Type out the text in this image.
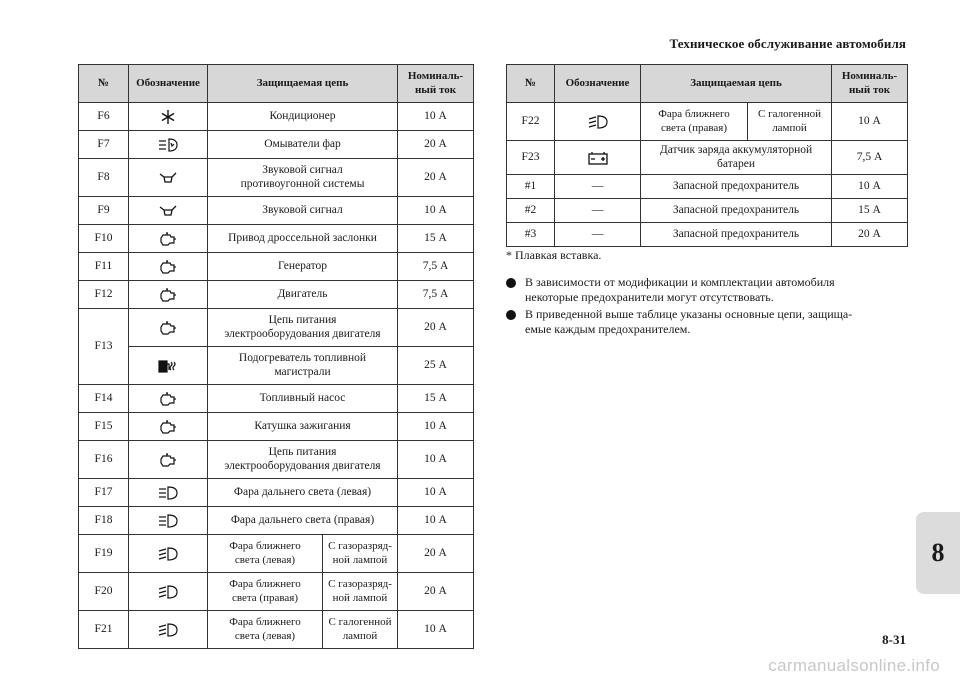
Техническое обслуживание автомобиля
№	Обозначение	Защищаемая цепь		Номиналь-
ный ток
F6		Кондиционер		10 А
F7		Омыватели фар		20 А
F8		Звуковой сигнал
противоугонной системы		20 А
F9		Звуковой сигнал		10 А
F10		Привод дроссельной заслонки		15 А
F11		Генератор		7,5 А
F12		Двигатель		7,5 А
F13		Цепь питания
электрооборудования двигателя		20 А

	Подогреватель топливной
магистрали		25 А
F14		Топливный насос		15 А
F15		Катушка зажигания		10 А
F16		Цепь питания
электрооборудования двигателя		10 А
F17		Фара дальнего света (левая)		10 А
F18		Фара дальнего света (правая)		10 А
F19		Фара ближнего
света (левая)	С газоразряд-
ной лампой	20 А
F20		Фара ближнего
света (правая)	С газоразряд-
ной лампой	20 А
F21		Фара ближнего
света (левая)	С галогенной
лампой	10 А
№	Обозначение	Защищаемая цепь		Номиналь-
ный ток
F22		Фара ближнего
света (правая)	С галогенной
лампой	10 А
F23		Датчик заряда аккумуляторной
батареи		7,5 А
#1	—	Запасной предохранитель		10 А
#2	—	Запасной предохранитель		15 А
#3	—	Запасной предохранитель		20 А
* Плавкая вставка.
В зависимости от модификации и комплектации автомобиля
некоторые предохранители могут отсутствовать.
В приведенной выше таблице указаны основные цепи, защища-
емые каждым предохранителем.
8
8-31
carmanualsonline.info
